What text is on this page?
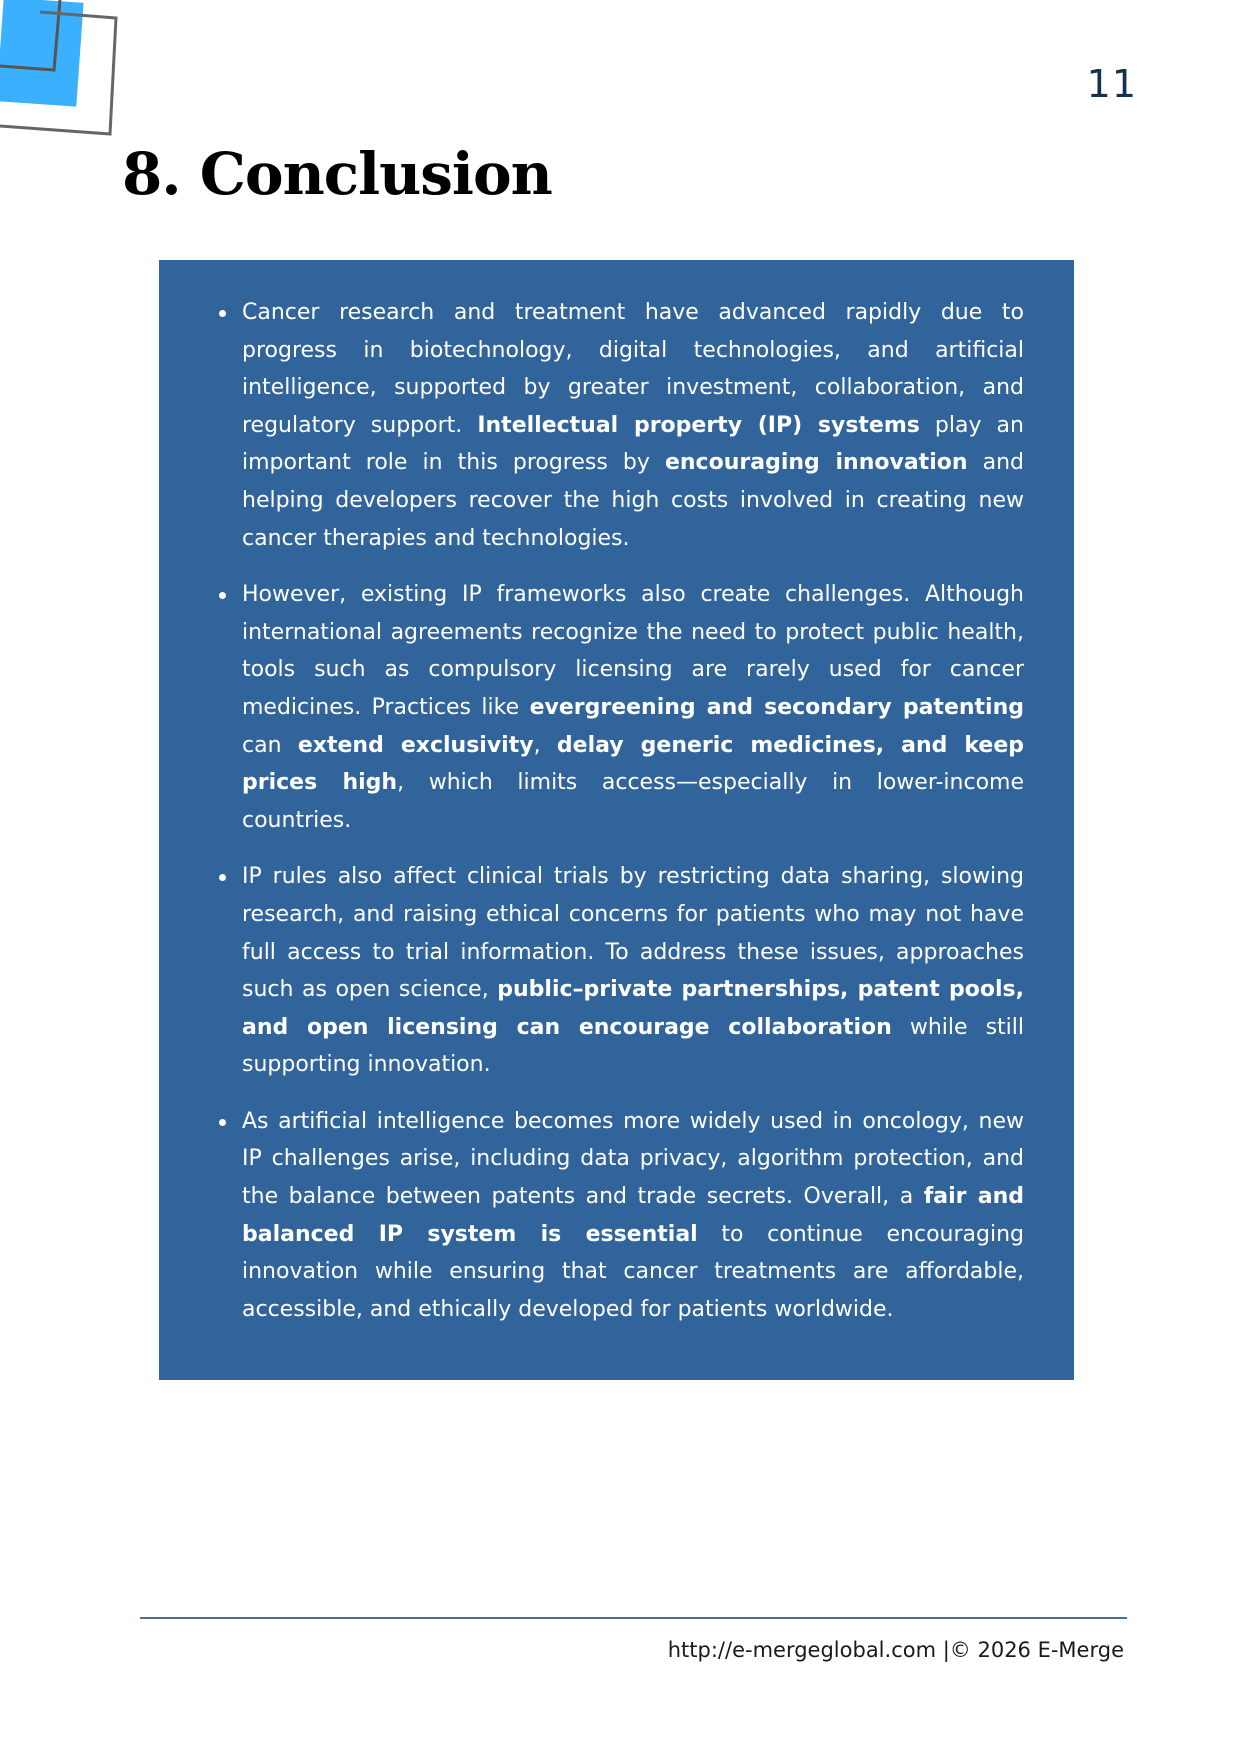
11
8. Conclusion
Cancer research and treatment have advanced rapidly due to progress in biotechnology, digital technologies, and artificial intelligence, supported by greater investment, collaboration, and regulatory support. Intellectual property (IP) systems play an important role in this progress by encouraging innovation and helping developers recover the high costs involved in creating new cancer therapies and technologies.
However, existing IP frameworks also create challenges. Although international agreements recognize the need to protect public health, tools such as compulsory licensing are rarely used for cancer medicines. Practices like evergreening and secondary patenting can extend exclusivity, delay generic medicines, and keep prices high, which limits access—especially in lower-income countries.
IP rules also affect clinical trials by restricting data sharing, slowing research, and raising ethical concerns for patients who may not have full access to trial information. To address these issues, approaches such as open science, public–private partnerships, patent pools, and open licensing can encourage collaboration while still supporting innovation.
As artificial intelligence becomes more widely used in oncology, new IP challenges arise, including data privacy, algorithm protection, and the balance between patents and trade secrets. Overall, a fair and balanced IP system is essential to continue encouraging innovation while ensuring that cancer treatments are affordable, accessible, and ethically developed for patients worldwide.
http://e-mergeglobal.com |© 2026 E-Merge
